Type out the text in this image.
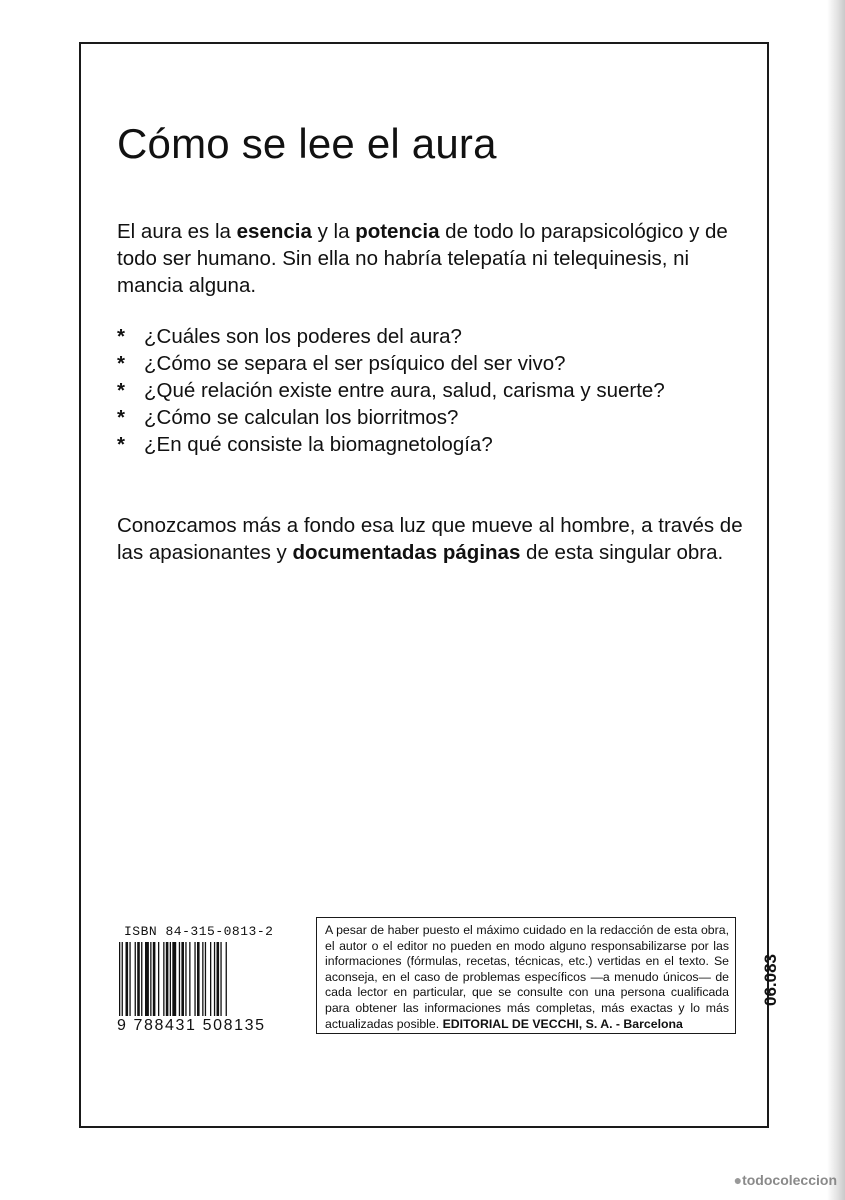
Cómo se lee el aura

El aura es la esencia y la potencia de todo lo parapsicológico y de todo ser humano. Sin ella no habría telepatía ni telequinesis, ni mancia alguna.

* ¿Cuáles son los poderes del aura?
* ¿Cómo se separa el ser psíquico del ser vivo?
* ¿Qué relación existe entre aura, salud, carisma y suerte?
* ¿Cómo se calculan los biorritmos?
* ¿En qué consiste la biomagnetología?

Conozcamos más a fondo esa luz que mueve al hombre, a través de las apasionantes y documentadas páginas de esta singular obra.

ISBN 84-315-0813-2

9 788431 508135

A pesar de haber puesto el máximo cuidado en la redacción de esta obra, el autor o el editor no pueden en modo alguno responsabilizarse por las informaciones (fórmulas, recetas, técnicas, etc.) vertidas en el texto. Se aconseja, en el caso de problemas específicos —a menudo únicos— de cada lector en particular, que se consulte con una persona cualificada para obtener las informaciones más completas, más exactas y lo más actualizadas posible. EDITORIAL DE VECCHI, S. A. - Barcelona

06.083

●todocoleccion
